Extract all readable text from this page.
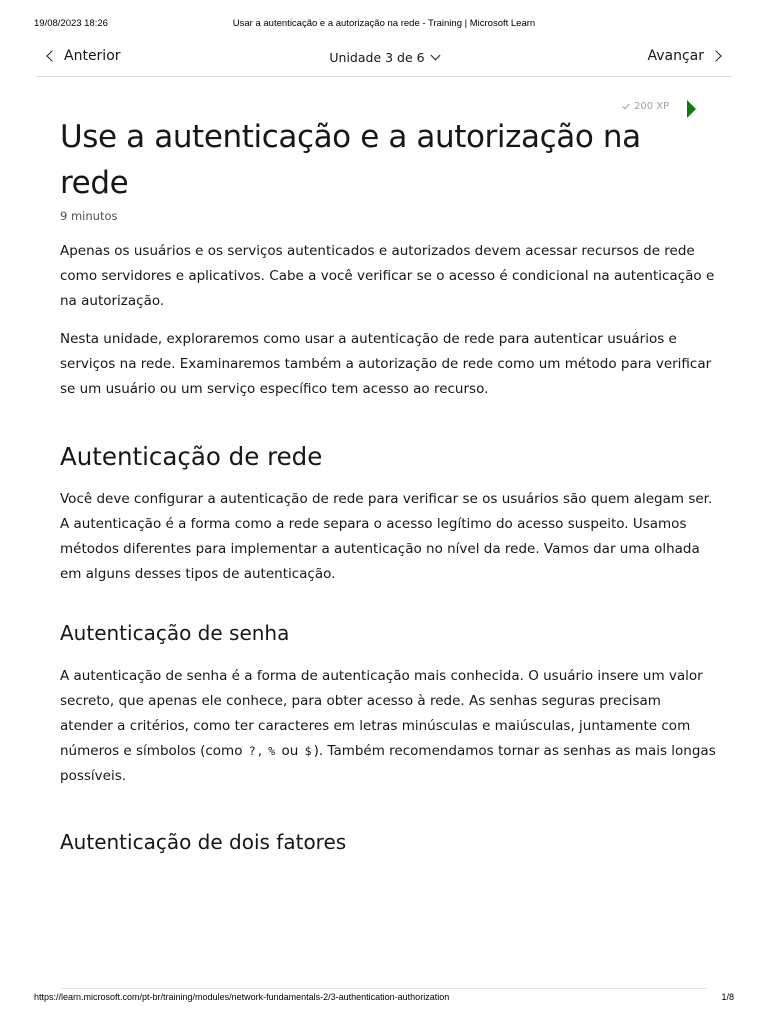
19/08/2023 18:26	Usar a autenticação e a autorização na rede - Training | Microsoft Learn
Anterior	Unidade 3 de 6	Avançar
200 XP
Use a autenticação e a autorização na rede
9 minutos

Apenas os usuários e os serviços autenticados e autorizados devem acessar recursos de rede como servidores e aplicativos. Cabe a você verificar se o acesso é condicional na autenticação e na autorização.

Nesta unidade, exploraremos como usar a autenticação de rede para autenticar usuários e serviços na rede. Examinaremos também a autorização de rede como um método para verificar se um usuário ou um serviço específico tem acesso ao recurso.

Autenticação de rede

Você deve configurar a autenticação de rede para verificar se os usuários são quem alegam ser. A autenticação é a forma como a rede separa o acesso legítimo do acesso suspeito. Usamos métodos diferentes para implementar a autenticação no nível da rede. Vamos dar uma olhada em alguns desses tipos de autenticação.

Autenticação de senha

A autenticação de senha é a forma de autenticação mais conhecida. O usuário insere um valor secreto, que apenas ele conhece, para obter acesso à rede. As senhas seguras precisam atender a critérios, como ter caracteres em letras minúsculas e maiúsculas, juntamente com números e símbolos (como ? , % ou $ ). Também recomendamos tornar as senhas as mais longas possíveis.

Autenticação de dois fatores
https://learn.microsoft.com/pt-br/training/modules/network-fundamentals-2/3-authentication-authorization	1/8
